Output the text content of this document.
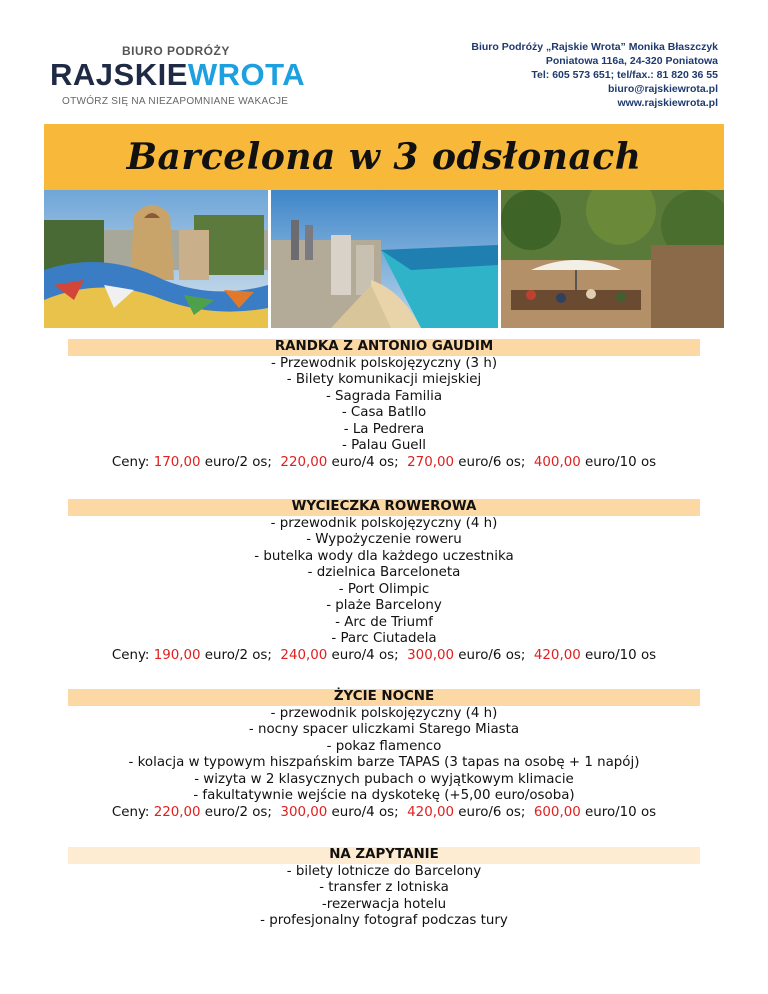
BIURO PODRÓŻY
RAJSKIEWROTA
OTWÓRZ SIĘ NA NIEZAPOMNIANE WAKACJE
Biuro Podróży „Rajskie Wrota” Monika Błaszczyk
Poniatowa 116a, 24-320 Poniatowa
Tel: 605 573 651; tel/fax.: 81 820 36 55
biuro@rajskiewrota.pl
www.rajskiewrota.pl
Barcelona w 3 odsłonach
RANDKA Z ANTONIO GAUDIM
- Przewodnik polskojęzyczny (3 h)
- Bilety komunikacji miejskiej
- Sagrada Familia
- Casa Batllo
- La Pedrera
- Palau Guell
Ceny: 170,00 euro/2 os;  220,00 euro/4 os;  270,00 euro/6 os;  400,00 euro/10 os
WYCIECZKA ROWEROWA
- przewodnik polskojęzyczny (4 h)
- Wypożyczenie roweru
- butelka wody dla każdego uczestnika
- dzielnica Barceloneta
- Port Olimpic
- plaże Barcelony
- Arc de Triumf
- Parc Ciutadela
Ceny: 190,00 euro/2 os;  240,00 euro/4 os;  300,00 euro/6 os;  420,00 euro/10 os
ŻYCIE NOCNE
- przewodnik polskojęzyczny (4 h)
- nocny spacer uliczkami Starego Miasta
- pokaz flamenco
- kolacja w typowym hiszpańskim barze TAPAS (3 tapas na osobę + 1 napój)
- wizyta w 2 klasycznych pubach o wyjątkowym klimacie
- fakultatywnie wejście na dyskotekę (+5,00 euro/osoba)
Ceny: 220,00 euro/2 os;  300,00 euro/4 os;  420,00 euro/6 os;  600,00 euro/10 os
NA ZAPYTANIE
- bilety lotnicze do Barcelony
- transfer z lotniska
-rezerwacja hotelu
- profesjonalny fotograf podczas tury
